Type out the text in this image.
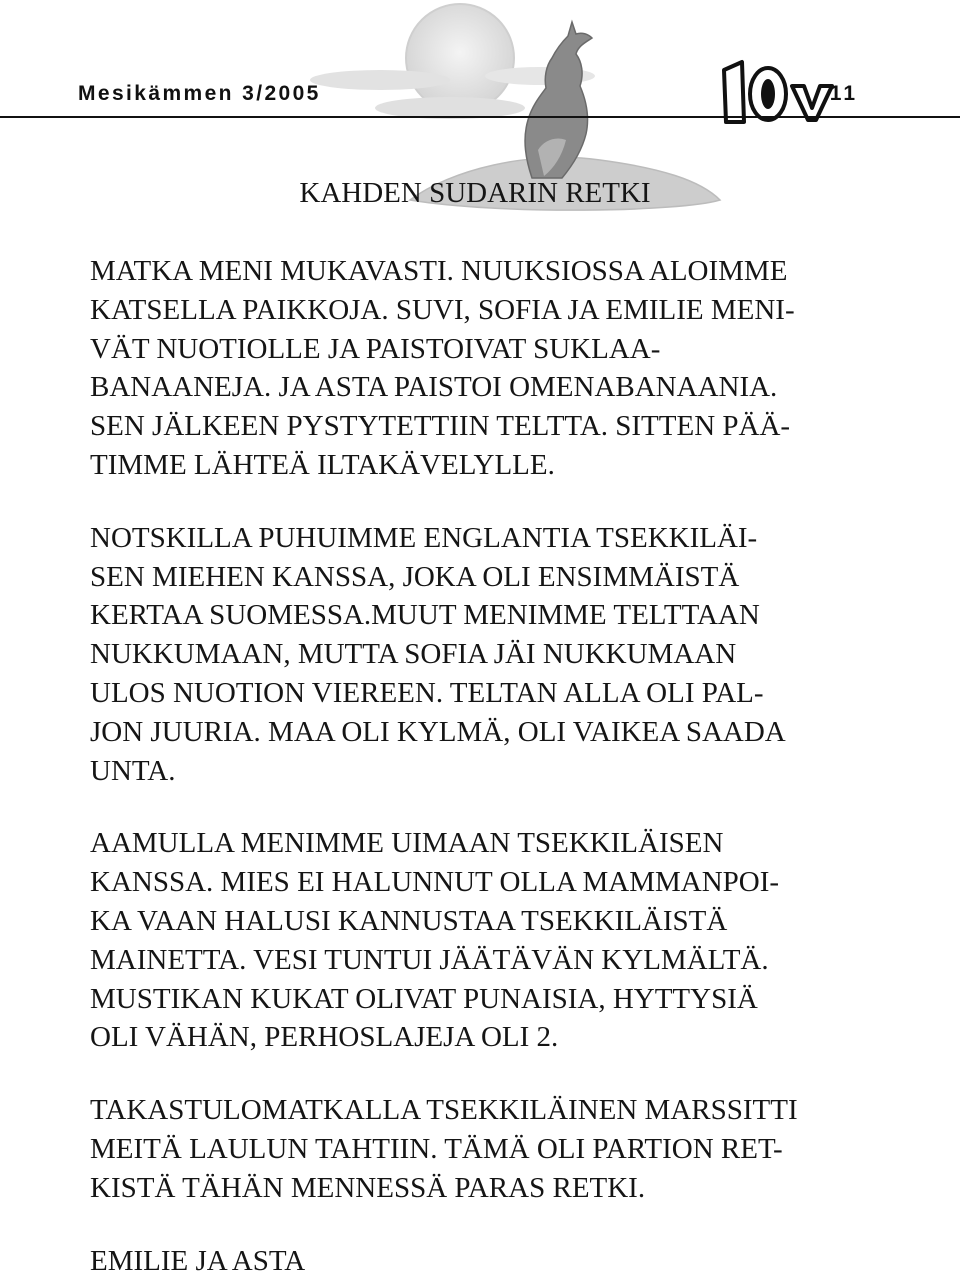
10v
Mesikämmen 3/2005	11
KAHDEN SUDARIN RETKI
MATKA MENI MUKAVASTI. NUUKSIOSSA ALOIMME
KATSELLA PAIKKOJA. SUVI, SOFIA JA EMILIE MENI-
VÄT NUOTIOLLE JA PAISTOIVAT SUKLAA-
BANAANEJA. JA ASTA PAISTOI OMENABANAANIA.
SEN JÄLKEEN PYSTYTETTIIN TELTTA. SITTEN PÄÄ-
TIMME LÄHTEÄ ILTAKÄVELYLLE.
NOTSKILLA PUHUIMME ENGLANTIA TSEKKILÄI-
SEN MIEHEN KANSSA, JOKA OLI ENSIMMÄISTÄ
KERTAA SUOMESSA.MUUT MENIMME TELTTAAN
NUKKUMAAN, MUTTA SOFIA JÄI NUKKUMAAN
ULOS NUOTION VIEREEN. TELTAN ALLA OLI PAL-
JON JUURIA. MAA OLI KYLMÄ, OLI VAIKEA SAADA
UNTA.
AAMULLA MENIMME UIMAAN TSEKKILÄISEN
KANSSA. MIES EI HALUNNUT OLLA MAMMANPOI-
KA VAAN HALUSI KANNUSTAA TSEKKILÄISTÄ
MAINETTA. VESI TUNTUI JÄÄTÄVÄN KYLMÄLTÄ.
MUSTIKAN KUKAT OLIVAT PUNAISIA, HYTTYSIÄ
OLI VÄHÄN, PERHOSLAJEJA OLI 2.
TAKASTULOMATKALLA TSEKKILÄINEN MARSSITTI
MEITÄ LAULUN TAHTIIN. TÄMÄ OLI PARTION RET-
KISTÄ TÄHÄN MENNESSÄ PARAS RETKI.
EMILIE JA ASTA
